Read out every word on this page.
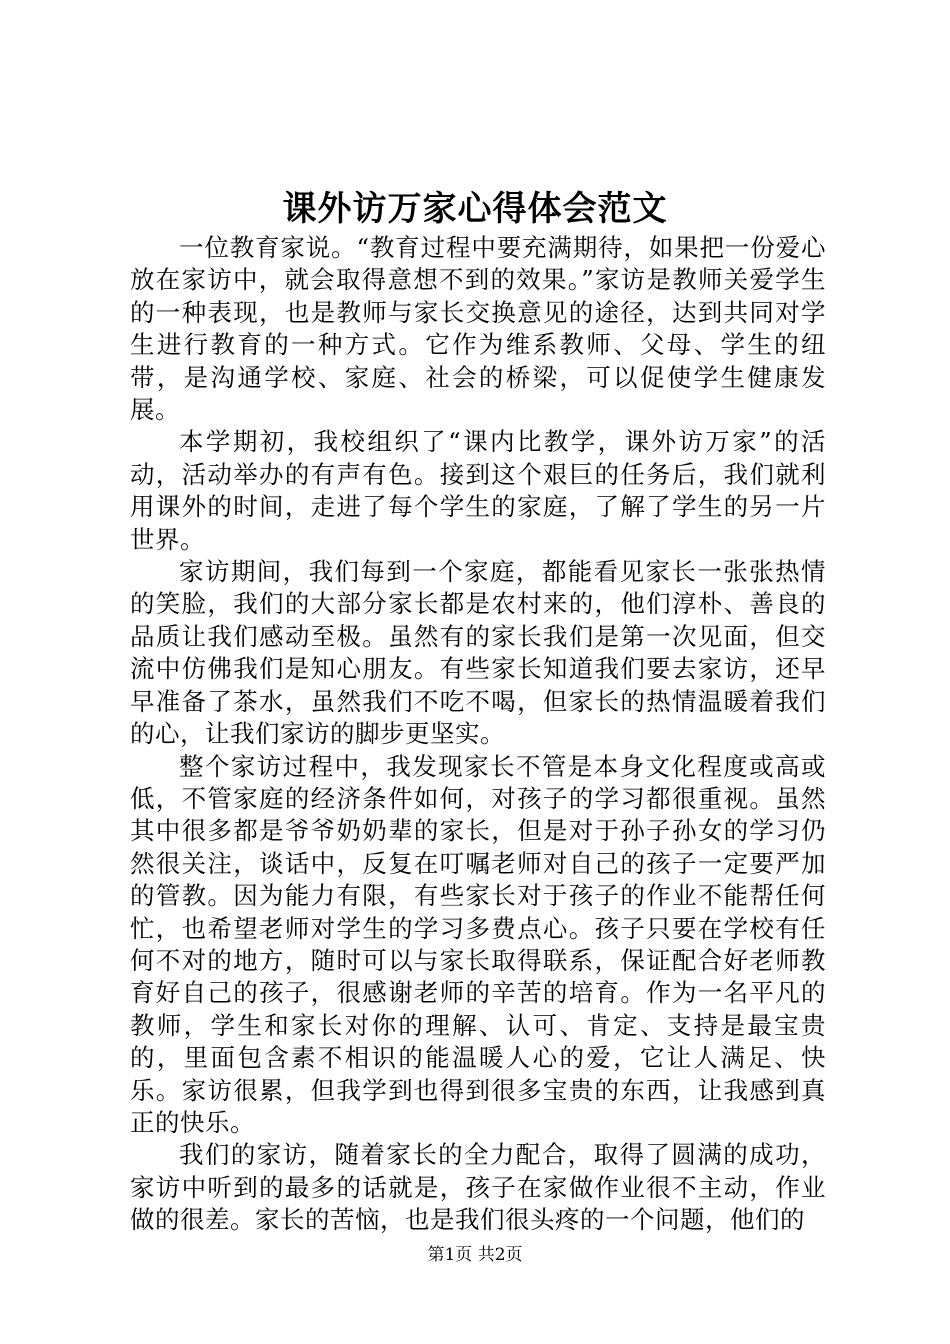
课外访万家心得体会范文

一位教育家说。“教育过程中要充满期待，如果把一份爱心放在家访中，就会取得意想不到的效果。”家访是教师关爱学生的一种表现，也是教师与家长交换意见的途径，达到共同对学生进行教育的一种方式。它作为维系教师、父母、学生的纽带，是沟通学校、家庭、社会的桥梁，可以促使学生健康发展。

本学期初，我校组织了“课内比教学，课外访万家”的活动，活动举办的有声有色。接到这个艰巨的任务后，我们就利用课外的时间，走进了每个学生的家庭，了解了学生的另一片世界。

家访期间，我们每到一个家庭，都能看见家长一张张热情的笑脸，我们的大部分家长都是农村来的，他们淳朴、善良的品质让我们感动至极。虽然有的家长我们是第一次见面，但交流中仿佛我们是知心朋友。有些家长知道我们要去家访，还早早准备了茶水，虽然我们不吃不喝，但家长的热情温暖着我们的心，让我们家访的脚步更坚实。

整个家访过程中，我发现家长不管是本身文化程度或高或低，不管家庭的经济条件如何，对孩子的学习都很重视。虽然其中很多都是爷爷奶奶辈的家长，但是对于孙子孙女的学习仍然很关注，谈话中，反复在叮嘱老师对自己的孩子一定要严加的管教。因为能力有限，有些家长对于孩子的作业不能帮任何忙，也希望老师对学生的学习多费点心。孩子只要在学校有任何不对的地方，随时可以与家长取得联系，保证配合好老师教育好自己的孩子，很感谢老师的辛苦的培育。作为一名平凡的教师，学生和家长对你的理解、认可、肯定、支持是最宝贵的，里面包含素不相识的能温暖人心的爱，它让人满足、快乐。家访很累，但我学到也得到很多宝贵的东西，让我感到真正的快乐。

我们的家访，随着家长的全力配合，取得了圆满的成功，家访中听到的最多的话就是，孩子在家做作业很不主动，作业做的很差。家长的苦恼，也是我们很头疼的一个问题，他们的

第1页 共2页
